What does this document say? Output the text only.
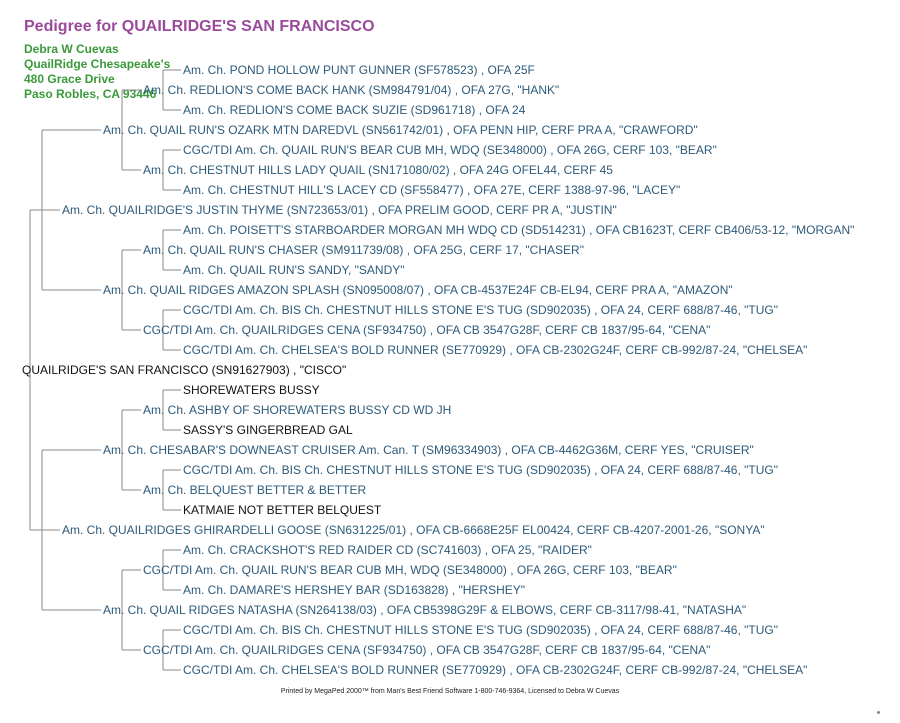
Pedigree for QUAILRIDGE'S SAN FRANCISCO
Debra W Cuevas
QuailRidge Chesapeake's
480 Grace Drive
Paso Robles, CA 93446
Am. Ch. POND HOLLOW PUNT GUNNER (SF578523) , OFA 25F
Am. Ch. REDLION'S COME BACK HANK (SM984791/04) , OFA 27G, "HANK"
Am. Ch. REDLION'S COME BACK SUZIE (SD961718) , OFA 24
Am. Ch. QUAIL RUN'S OZARK MTN DAREDVL (SN561742/01) , OFA PENN HIP, CERF PRA A, "CRAWFORD"
CGC/TDI Am. Ch. QUAIL RUN'S BEAR CUB MH, WDQ (SE348000) , OFA 26G, CERF 103, "BEAR"
Am. Ch. CHESTNUT HILLS LADY QUAIL (SN171080/02) , OFA 24G OFEL44, CERF 45
Am. Ch. CHESTNUT HILL'S LACEY CD (SF558477) , OFA 27E, CERF 1388-97-96, "LACEY"
Am. Ch. QUAILRIDGE'S JUSTIN THYME (SN723653/01) , OFA PRELIM GOOD, CERF PR A, "JUSTIN"
Am. Ch. POISETT'S STARBOARDER MORGAN MH WDQ CD (SD514231) , OFA CB1623T, CERF CB406/53-12, "MORGAN"
Am. Ch. QUAIL RUN'S CHASER (SM911739/08) , OFA 25G, CERF 17, "CHASER"
Am. Ch. QUAIL RUN'S SANDY, "SANDY"
Am. Ch. QUAIL RIDGES AMAZON SPLASH (SN095008/07) , OFA CB-4537E24F CB-EL94, CERF PRA A, "AMAZON"
CGC/TDI Am. Ch. BIS Ch. CHESTNUT HILLS STONE E'S TUG (SD902035) , OFA 24, CERF 688/87-46, "TUG"
CGC/TDI Am. Ch. QUAILRIDGES CENA (SF934750) , OFA CB 3547G28F, CERF CB 1837/95-64, "CENA"
CGC/TDI Am. Ch. CHELSEA'S BOLD RUNNER (SE770929) , OFA CB-2302G24F, CERF CB-992/87-24, "CHELSEA"
QUAILRIDGE'S SAN FRANCISCO (SN91627903) , "CISCO"
SHOREWATERS BUSSY
Am. Ch. ASHBY OF SHOREWATERS BUSSY CD WD JH
SASSY'S GINGERBREAD GAL
Am. Ch. CHESABAR'S DOWNEAST CRUISER Am. Can. T (SM96334903) , OFA CB-4462G36M, CERF YES, "CRUISER"
CGC/TDI Am. Ch. BIS Ch. CHESTNUT HILLS STONE E'S TUG (SD902035) , OFA 24, CERF 688/87-46, "TUG"
Am. Ch. BELQUEST BETTER & BETTER
KATMAIE NOT BETTER BELQUEST
Am. Ch. QUAILRIDGES GHIRARDELLI GOOSE (SN631225/01) , OFA CB-6668E25F EL00424, CERF CB-4207-2001-26, "SONYA"
Am. Ch. CRACKSHOT'S RED RAIDER CD (SC741603) , OFA 25, "RAIDER"
CGC/TDI Am. Ch. QUAIL RUN'S BEAR CUB MH, WDQ (SE348000) , OFA 26G, CERF 103, "BEAR"
Am. Ch. DAMARE'S HERSHEY BAR (SD163828) , "HERSHEY"
Am. Ch. QUAIL RIDGES NATASHA (SN264138/03) , OFA CB5398G29F & ELBOWS, CERF CB-3117/98-41, "NATASHA"
CGC/TDI Am. Ch. BIS Ch. CHESTNUT HILLS STONE E'S TUG (SD902035) , OFA 24, CERF 688/87-46, "TUG"
CGC/TDI Am. Ch. QUAILRIDGES CENA (SF934750) , OFA CB 3547G28F, CERF CB 1837/95-64, "CENA"
CGC/TDI Am. Ch. CHELSEA'S BOLD RUNNER (SE770929) , OFA CB-2302G24F, CERF CB-992/87-24, "CHELSEA"
Printed by MegaPed 2000™ from Man's Best Friend Software 1-800-746-9364, Licensed to Debra W Cuevas
